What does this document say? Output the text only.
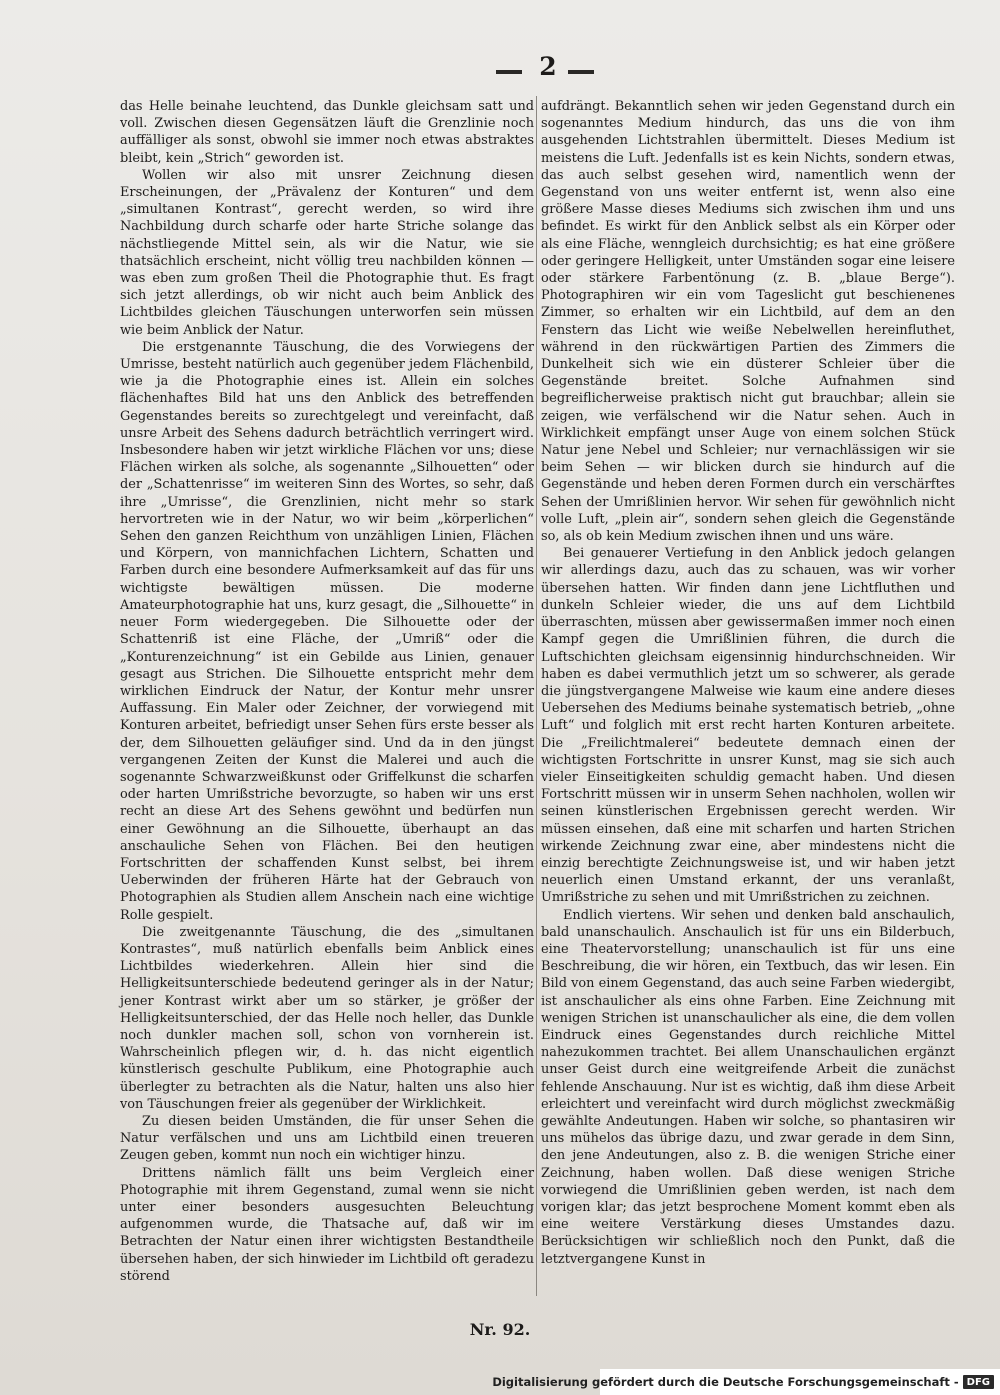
2

das Helle beinahe leuchtend, das Dunkle gleichsam satt und voll. Zwischen diesen Gegensätzen läuft die Grenzlinie noch auffälliger als sonst, obwohl sie immer noch etwas abstraktes bleibt, kein „Strich“ geworden ist.

Wollen wir also mit unsrer Zeichnung diesen Erscheinungen, der „Prävalenz der Konturen“ und dem „simultanen Kontrast“, gerecht werden, so wird ihre Nachbildung durch scharfe oder harte Striche solange das nächstliegende Mittel sein, als wir die Natur, wie sie thatsächlich erscheint, nicht völlig treu nachbilden können — was eben zum großen Theil die Photographie thut. Es fragt sich jetzt allerdings, ob wir nicht auch beim Anblick des Lichtbildes gleichen Täuschungen unterworfen sein müssen wie beim Anblick der Natur.

Die erstgenannte Täuschung, die des Vorwiegens der Umrisse, besteht natürlich auch gegenüber jedem Flächenbild, wie ja die Photographie eines ist. Allein ein solches flächenhaftes Bild hat uns den Anblick des betreffenden Gegenstandes bereits so zurechtgelegt und vereinfacht, daß unsre Arbeit des Sehens dadurch beträchtlich verringert wird. Insbesondere haben wir jetzt wirkliche Flächen vor uns; diese Flächen wirken als solche, als sogenannte „Silhouetten“ oder der „Schattenrisse“ im weiteren Sinn des Wortes, so sehr, daß ihre „Umrisse“, die Grenzlinien, nicht mehr so stark hervortreten wie in der Natur, wo wir beim „körperlichen“ Sehen den ganzen Reichthum von unzähligen Linien, Flächen und Körpern, von mannichfachen Lichtern, Schatten und Farben durch eine besondere Aufmerksamkeit auf das für uns wichtigste bewältigen müssen. Die moderne Amateurphotographie hat uns, kurz gesagt, die „Silhouette“ in neuer Form wiedergegeben. Die Silhouette oder der Schattenriß ist eine Fläche, der „Umriß“ oder die „Konturenzeichnung“ ist ein Gebilde aus Linien, genauer gesagt aus Strichen. Die Silhouette entspricht mehr dem wirklichen Eindruck der Natur, der Kontur mehr unsrer Auffassung. Ein Maler oder Zeichner, der vorwiegend mit Konturen arbeitet, befriedigt unser Sehen fürs erste besser als der, dem Silhouetten geläufiger sind. Und da in den jüngst vergangenen Zeiten der Kunst die Malerei und auch die sogenannte Schwarzweißkunst oder Griffelkunst die scharfen oder harten Umrißstriche bevorzugte, so haben wir uns erst recht an diese Art des Sehens gewöhnt und bedürfen nun einer Gewöhnung an die Silhouette, überhaupt an das anschauliche Sehen von Flächen. Bei den heutigen Fortschritten der schaffenden Kunst selbst, bei ihrem Ueberwinden der früheren Härte hat der Gebrauch von Photographien als Studien allem Anschein nach eine wichtige Rolle gespielt.

Die zweitgenannte Täuschung, die des „simultanen Kontrastes“, muß natürlich ebenfalls beim Anblick eines Lichtbildes wiederkehren. Allein hier sind die Helligkeitsunterschiede bedeutend geringer als in der Natur; jener Kontrast wirkt aber um so stärker, je größer der Helligkeitsunterschied, der das Helle noch heller, das Dunkle noch dunkler machen soll, schon von vornherein ist. Wahrscheinlich pflegen wir, d. h. das nicht eigentlich künstlerisch geschulte Publikum, eine Photographie auch überlegter zu betrachten als die Natur, halten uns also hier von Täuschungen freier als gegenüber der Wirklichkeit.

Zu diesen beiden Umständen, die für unser Sehen die Natur verfälschen und uns am Lichtbild einen treueren Zeugen geben, kommt nun noch ein wichtiger hinzu.

Drittens nämlich fällt uns beim Vergleich einer Photographie mit ihrem Gegenstand, zumal wenn sie nicht unter einer besonders ausgesuchten Beleuchtung aufgenommen wurde, die Thatsache auf, daß wir im Betrachten der Natur einen ihrer wichtigsten Bestandtheile übersehen haben, der sich hinwieder im Lichtbild oft geradezu störend

aufdrängt. Bekanntlich sehen wir jeden Gegenstand durch ein sogenanntes Medium hindurch, das uns die von ihm ausgehenden Lichtstrahlen übermittelt. Dieses Medium ist meistens die Luft. Jedenfalls ist es kein Nichts, sondern etwas, das auch selbst gesehen wird, namentlich wenn der Gegenstand von uns weiter entfernt ist, wenn also eine größere Masse dieses Mediums sich zwischen ihm und uns befindet. Es wirkt für den Anblick selbst als ein Körper oder als eine Fläche, wenngleich durchsichtig; es hat eine größere oder geringere Helligkeit, unter Umständen sogar eine leisere oder stärkere Farbentönung (z. B. „blaue Berge“). Photographiren wir ein vom Tageslicht gut beschienenes Zimmer, so erhalten wir ein Lichtbild, auf dem an den Fenstern das Licht wie weiße Nebelwellen hereinfluthet, während in den rückwärtigen Partien des Zimmers die Dunkelheit sich wie ein düsterer Schleier über die Gegenstände breitet. Solche Aufnahmen sind begreiflicherweise praktisch nicht gut brauchbar; allein sie zeigen, wie verfälschend wir die Natur sehen. Auch in Wirklichkeit empfängt unser Auge von einem solchen Stück Natur jene Nebel und Schleier; nur vernachlässigen wir sie beim Sehen — wir blicken durch sie hindurch auf die Gegenstände und heben deren Formen durch ein verschärftes Sehen der Umrißlinien hervor. Wir sehen für gewöhnlich nicht volle Luft, „plein air“, sondern sehen gleich die Gegenstände so, als ob kein Medium zwischen ihnen und uns wäre.

Bei genauerer Vertiefung in den Anblick jedoch gelangen wir allerdings dazu, auch das zu schauen, was wir vorher übersehen hatten. Wir finden dann jene Lichtfluthen und dunkeln Schleier wieder, die uns auf dem Lichtbild überraschten, müssen aber gewissermaßen immer noch einen Kampf gegen die Umrißlinien führen, die durch die Luftschichten gleichsam eigensinnig hindurchschneiden. Wir haben es dabei vermuthlich jetzt um so schwerer, als gerade die jüngstvergangene Malweise wie kaum eine andere dieses Uebersehen des Mediums beinahe systematisch betrieb, „ohne Luft“ und folglich mit erst recht harten Konturen arbeitete. Die „Freilichtmalerei“ bedeutete demnach einen der wichtigsten Fortschritte in unsrer Kunst, mag sie sich auch vieler Einseitigkeiten schuldig gemacht haben. Und diesen Fortschritt müssen wir in unserm Sehen nachholen, wollen wir seinen künstlerischen Ergebnissen gerecht werden. Wir müssen einsehen, daß eine mit scharfen und harten Strichen wirkende Zeichnung zwar eine, aber mindestens nicht die einzig berechtigte Zeichnungsweise ist, und wir haben jetzt neuerlich einen Umstand erkannt, der uns veranlaßt, Umrißstriche zu sehen und mit Umrißstrichen zu zeichnen.

Endlich viertens. Wir sehen und denken bald anschaulich, bald unanschaulich. Anschaulich ist für uns ein Bilderbuch, eine Theatervorstellung; unanschaulich ist für uns eine Beschreibung, die wir hören, ein Textbuch, das wir lesen. Ein Bild von einem Gegenstand, das auch seine Farben wiedergibt, ist anschaulicher als eins ohne Farben. Eine Zeichnung mit wenigen Strichen ist unanschaulicher als eine, die dem vollen Eindruck eines Gegenstandes durch reichliche Mittel nahezukommen trachtet. Bei allem Unanschaulichen ergänzt unser Geist durch eine weitgreifende Arbeit die zunächst fehlende Anschauung. Nur ist es wichtig, daß ihm diese Arbeit erleichtert und vereinfacht wird durch möglichst zweckmäßig gewählte Andeutungen. Haben wir solche, so phantasiren wir uns mühelos das übrige dazu, und zwar gerade in dem Sinn, den jene Andeutungen, also z. B. die wenigen Striche einer Zeichnung, haben wollen. Daß diese wenigen Striche vorwiegend die Umrißlinien geben werden, ist nach dem vorigen klar; das jetzt besprochene Moment kommt eben als eine weitere Verstärkung dieses Umstandes dazu. Berücksichtigen wir schließlich noch den Punkt, daß die letztvergangene Kunst in

Nr. 92.
Digitalisierung gefördert durch die Deutsche Forschungsgemeinschaft - DFG
